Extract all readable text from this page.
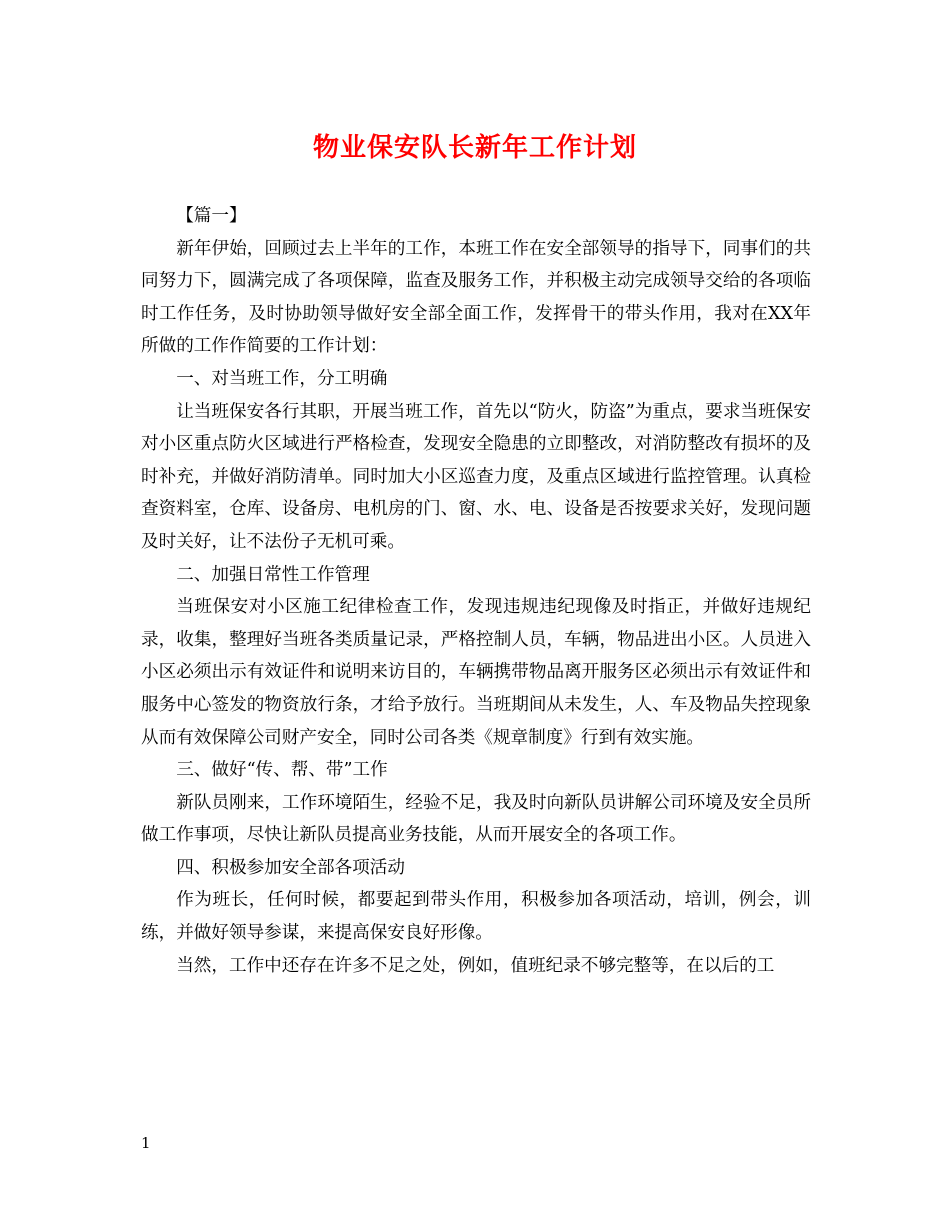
物业保安队长新年工作计划

【篇一】

新年伊始，回顾过去上半年的工作，本班工作在安全部领导的指导下，同事们的共同努力下，圆满完成了各项保障，监查及服务工作，并积极主动完成领导交给的各项临时工作任务，及时协助领导做好安全部全面工作，发挥骨干的带头作用，我对在XX年所做的工作作简要的工作计划：

一、对当班工作，分工明确

让当班保安各行其职，开展当班工作，首先以“防火，防盗”为重点，要求当班保安对小区重点防火区域进行严格检查，发现安全隐患的立即整改，对消防整改有损坏的及时补充，并做好消防清单。同时加大小区巡查力度，及重点区域进行监控管理。认真检查资料室，仓库、设备房、电机房的门、窗、水、电、设备是否按要求关好，发现问题及时关好，让不法份子无机可乘。

二、加强日常性工作管理

当班保安对小区施工纪律检查工作，发现违规违纪现像及时指正，并做好违规纪录，收集，整理好当班各类质量记录，严格控制人员，车辆，物品进出小区。人员进入小区必须出示有效证件和说明来访目的，车辆携带物品离开服务区必须出示有效证件和服务中心签发的物资放行条，才给予放行。当班期间从未发生，人、车及物品失控现象从而有效保障公司财产安全，同时公司各类《规章制度》行到有效实施。

三、做好“传、帮、带”工作

新队员刚来，工作环境陌生，经验不足，我及时向新队员讲解公司环境及安全员所做工作事项，尽快让新队员提高业务技能，从而开展安全的各项工作。

四、积极参加安全部各项活动

作为班长，任何时候，都要起到带头作用，积极参加各项活动，培训，例会，训练，并做好领导参谋，来提高保安良好形像。

当然，工作中还存在许多不足之处，例如，值班纪录不够完整等，在以后的工

1
